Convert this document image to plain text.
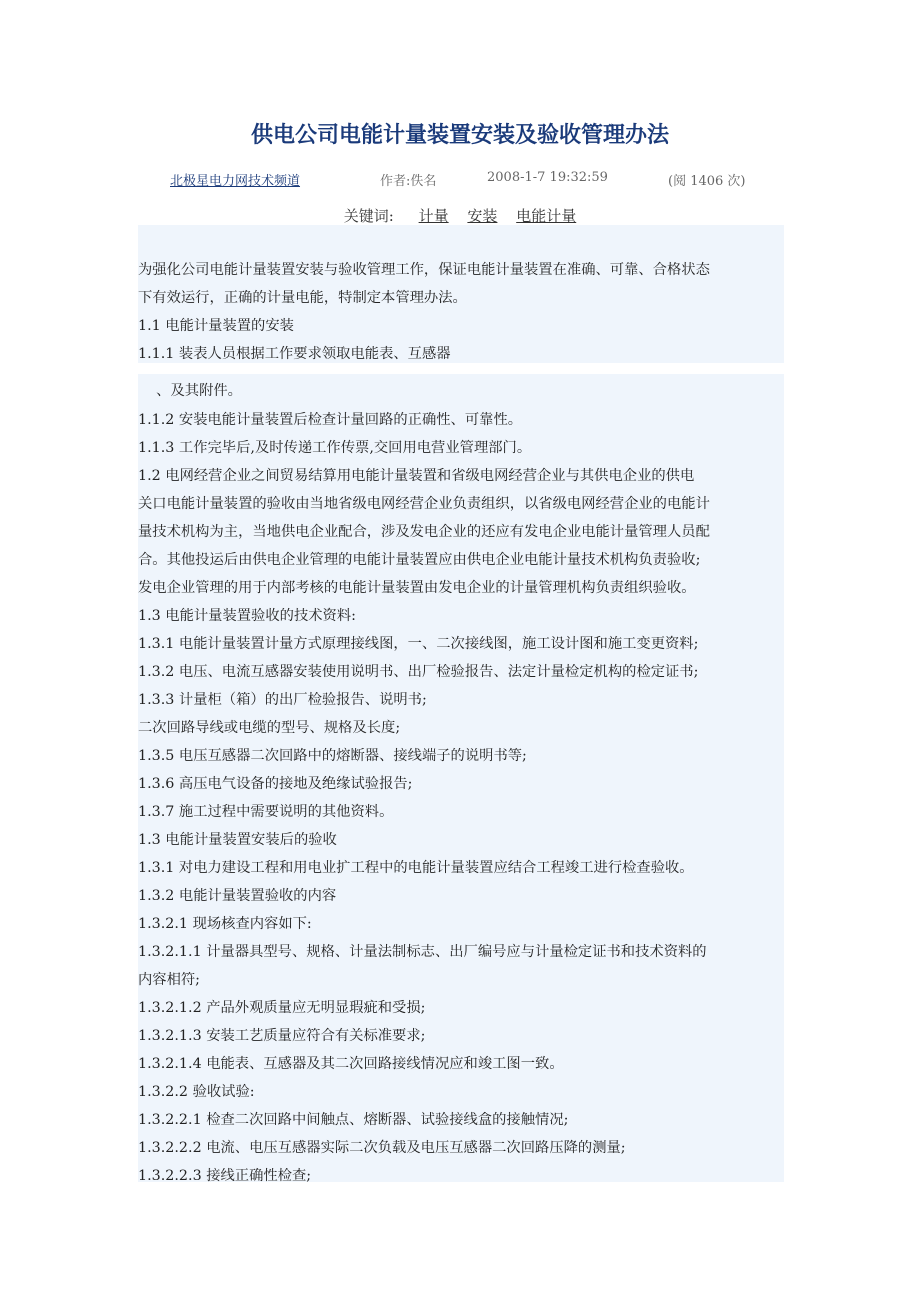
供电公司电能计量装置安装及验收管理办法
北极星电力网技术频道	作者:佚名	2008-1-7 19:32:59	(阅 1406 次)
关键词: 计量 安装 电能计量
为强化公司电能计量装置安装与验收管理工作，保证电能计量装置在准确、可靠、合格状态
下有效运行，正确的计量电能，特制定本管理办法。
1.1 电能计量装置的安装
1.1.1 装表人员根据工作要求领取电能表、互感器
、及其附件。
1.1.2 安装电能计量装置后检查计量回路的正确性、可靠性。
1.1.3 工作完毕后,及时传递工作传票,交回用电营业管理部门。
1.2 电网经营企业之间贸易结算用电能计量装置和省级电网经营企业与其供电企业的供电
关口电能计量装置的验收由当地省级电网经营企业负责组织，以省级电网经营企业的电能计
量技术机构为主，当地供电企业配合，涉及发电企业的还应有发电企业电能计量管理人员配
合。其他投运后由供电企业管理的电能计量装置应由供电企业电能计量技术机构负责验收;
发电企业管理的用于内部考核的电能计量装置由发电企业的计量管理机构负责组织验收。
1.3 电能计量装置验收的技术资料:
1.3.1 电能计量装置计量方式原理接线图，一、二次接线图，施工设计图和施工变更资料;
1.3.2 电压、电流互感器安装使用说明书、出厂检验报告、法定计量检定机构的检定证书;
1.3.3 计量柜（箱）的出厂检验报告、说明书;
二次回路导线或电缆的型号、规格及长度;
1.3.5 电压互感器二次回路中的熔断器、接线端子的说明书等;
1.3.6 高压电气设备的接地及绝缘试验报告;
1.3.7 施工过程中需要说明的其他资料。
1.3 电能计量装置安装后的验收
1.3.1 对电力建设工程和用电业扩工程中的电能计量装置应结合工程竣工进行检查验收。
1.3.2 电能计量装置验收的内容
1.3.2.1 现场核查内容如下:
1.3.2.1.1 计量器具型号、规格、计量法制标志、出厂编号应与计量检定证书和技术资料的
内容相符;
1.3.2.1.2 产品外观质量应无明显瑕疵和受损;
1.3.2.1.3 安装工艺质量应符合有关标准要求;
1.3.2.1.4 电能表、互感器及其二次回路接线情况应和竣工图一致。
1.3.2.2 验收试验:
1.3.2.2.1 检查二次回路中间触点、熔断器、试验接线盒的接触情况;
1.3.2.2.2 电流、电压互感器实际二次负载及电压互感器二次回路压降的测量;
1.3.2.2.3 接线正确性检查;
